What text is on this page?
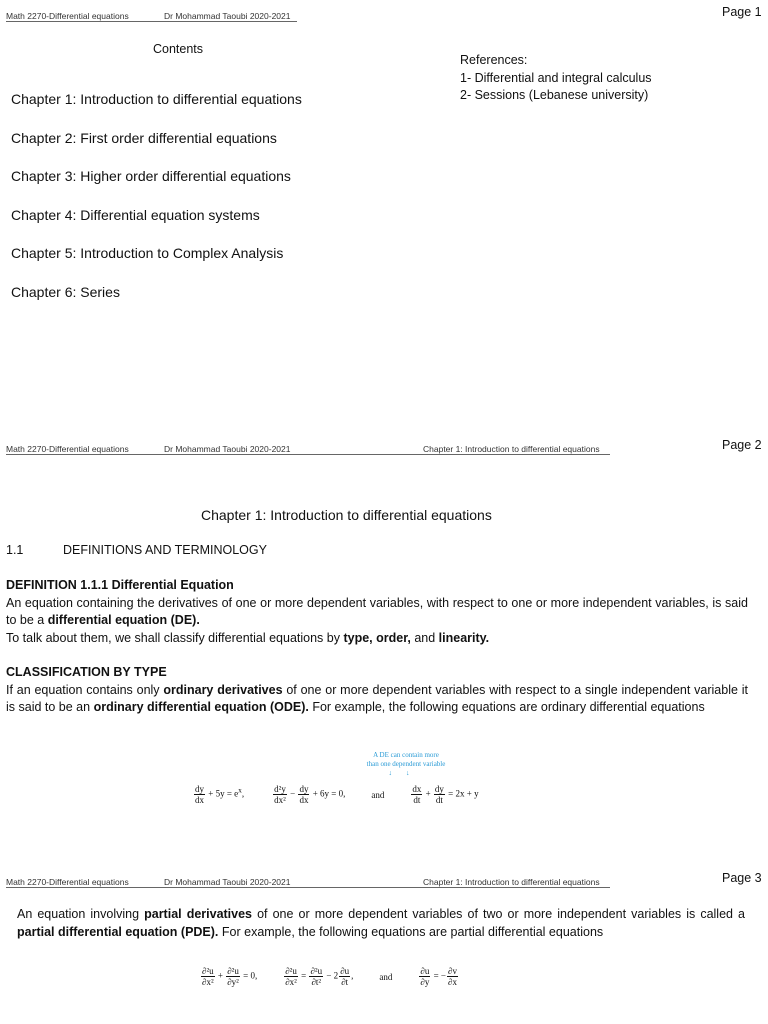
Math 2270-Differential equations	Dr Mohammad Taoubi 2020-2021	Page 1
Contents
Chapter 1: Introduction to differential equations
Chapter 2: First order differential equations
Chapter 3: Higher order differential equations
Chapter 4: Differential equation systems
Chapter 5: Introduction to Complex Analysis
Chapter 6: Series
References:
1- Differential and integral calculus
2- Sessions (Lebanese university)
Math 2270-Differential equations	Dr Mohammad Taoubi 2020-2021	Chapter 1: Introduction to differential equations	Page 2
Chapter 1: Introduction to differential equations
1.1	DEFINITIONS AND TERMINOLOGY
DEFINITION 1.1.1 Differential Equation
An equation containing the derivatives of one or more dependent variables, with respect to one or more independent variables, is said to be a differential equation (DE).
To talk about them, we shall classify differential equations by type, order, and linearity.
CLASSIFICATION BY TYPE
If an equation contains only ordinary derivatives of one or more dependent variables with respect to a single independent variable it is said to be an ordinary differential equation (ODE). For example, the following equations are ordinary differential equations
A DE can contain more
than one dependent variable
↓↓
$\frac{dy}{dx} + 5y = e^x$,	$\frac{\text{d²y}}{\text{dx²}} - \frac{dy}{dx} + 6y = 0$,	and	$\frac{dx}{dt} + \frac{dy}{dt} = 2x + y$
Math 2270-Differential equations	Dr Mohammad Taoubi 2020-2021	Chapter 1: Introduction to differential equations	Page 3
An equation involving partial derivatives of one or more dependent variables of two or more independent variables is called a partial differential equation (PDE). For example, the following equations are partial differential equations
$\frac{\text{∂²u}}{\text{∂x²}} + \frac{\text{∂²u}}{\text{∂y²}} = 0$,	$\frac{\text{∂²u}}{\text{∂x²}} = \frac{\text{∂²u}}{\text{∂t²}} - 2 \frac{\partial u}{\partial t}$ ,	and	$\frac{\partial u}{\partial y}$ = − $\frac{\partial v}{\partial x}$
